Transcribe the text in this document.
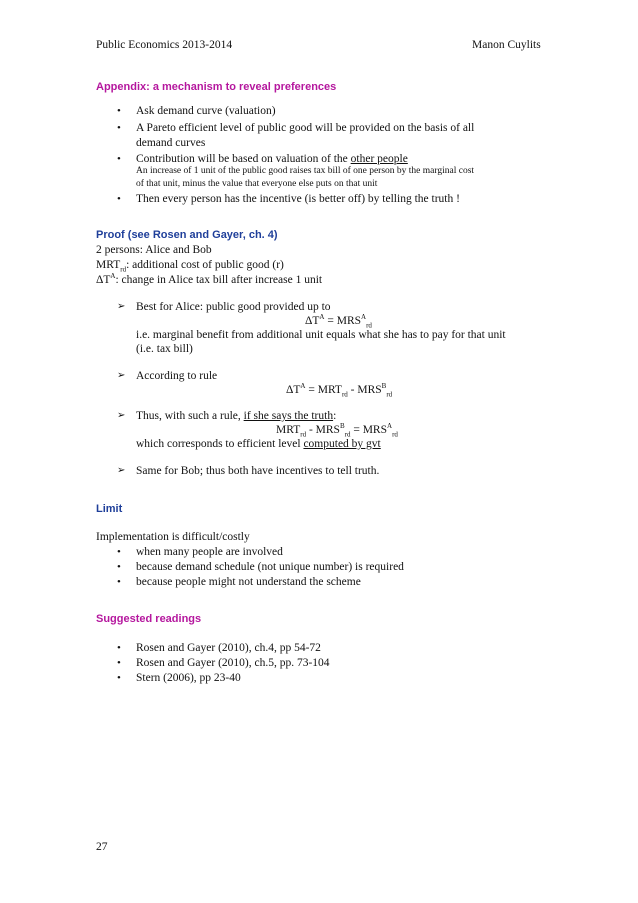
Public Economics 2013-2014	Manon Cuylits
Appendix: a mechanism to reveal preferences
• Ask demand curve (valuation)
• A Pareto efficient level of public good will be provided on the basis of all
demand curves
• Contribution will be based on valuation of the other people
An increase of 1 unit of the public good raises tax bill of one person by the marginal cost
of that unit, minus the value that everyone else puts on that unit
• Then every person has the incentive (is better off) by telling the truth !
Proof (see Rosen and Gayer, ch. 4)
2 persons: Alice and Bob
$MRT_{rd}$: additional cost of public good (r)
$\Delta T^A$: change in Alice tax bill after increase 1 unit
➢ Best for Alice: public good provided up to
$\Delta T^A = MRS^A_{rd}$
i.e. marginal benefit from additional unit equals what she has to pay for that unit
(i.e. tax bill)
➢ According to rule
$\Delta T^A = MRT_{rd} - MRS^B_{rd}$
➢ Thus, with such a rule, if she says the truth:
$MRT_{rd} - MRS^B_{rd} = MRS^A_{rd}$
which corresponds to efficient level computed by gvt
➢ Same for Bob; thus both have incentives to tell truth.
Limit
Implementation is difficult/costly
• when many people are involved
• because demand schedule (not unique number) is required
• because people might not understand the scheme
Suggested readings
• Rosen and Gayer (2010), ch.4, pp 54-72
• Rosen and Gayer (2010), ch.5, pp. 73-104
• Stern (2006), pp 23-40
27
